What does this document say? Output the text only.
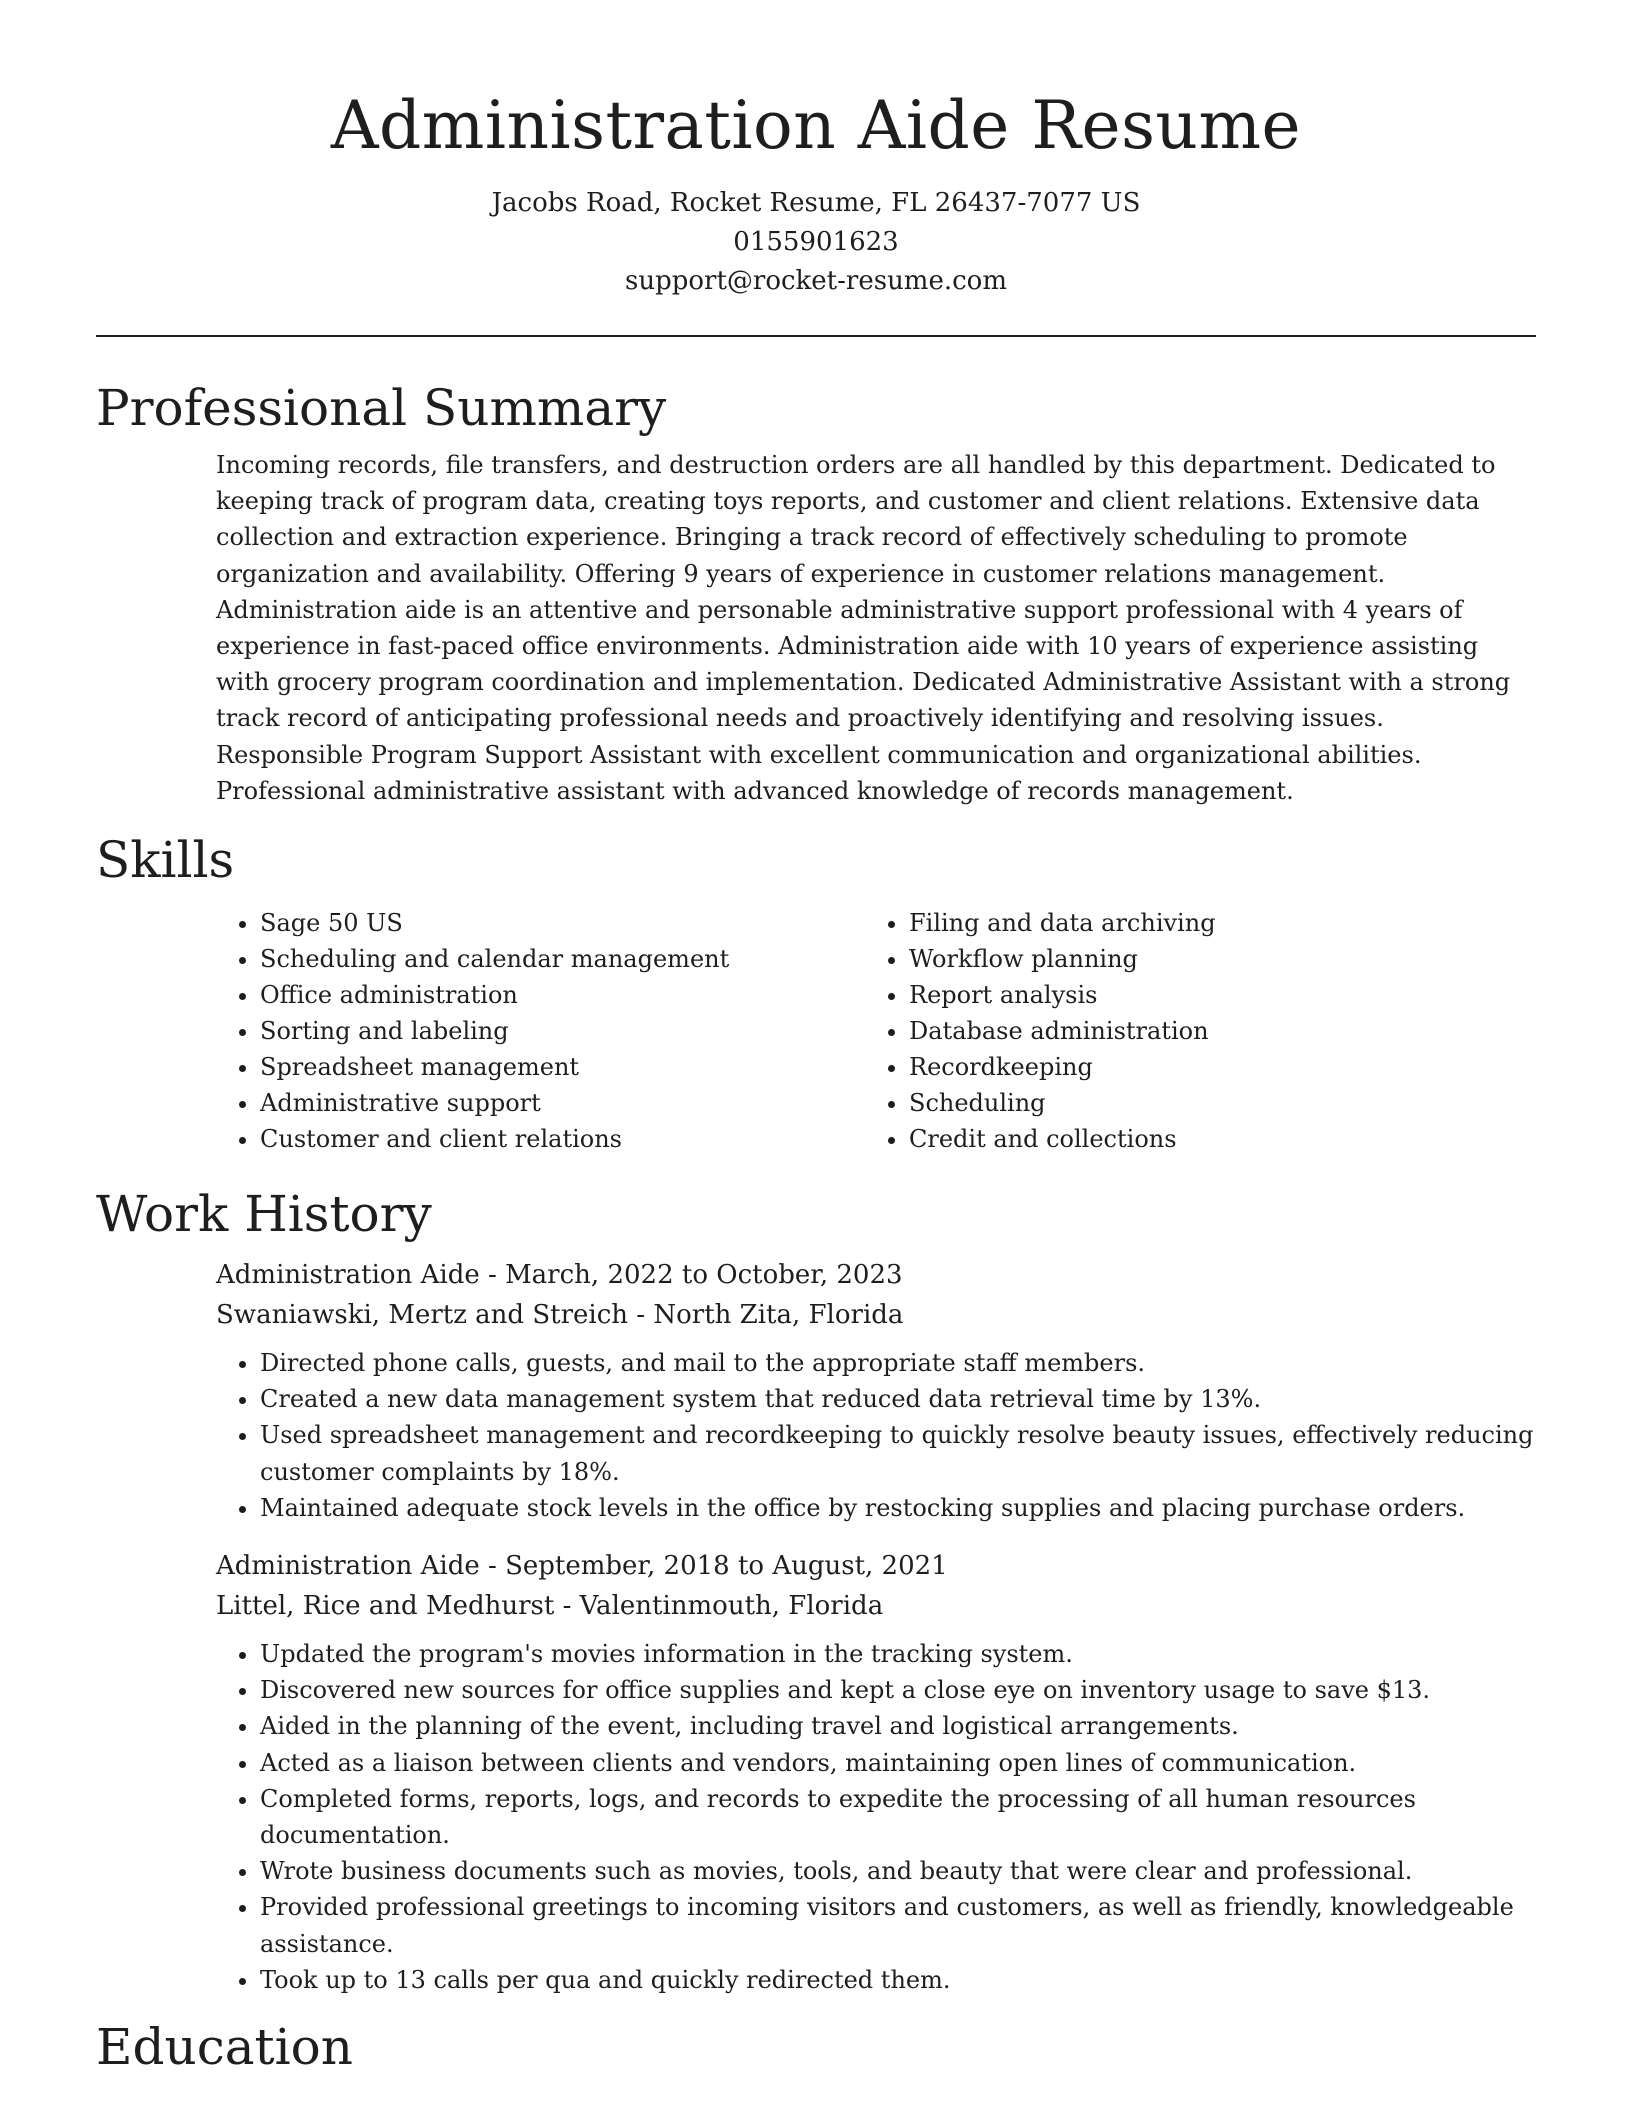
Administration Aide Resume
Jacobs Road, Rocket Resume, FL 26437-7077 US
0155901623
support@rocket-resume.com
Professional Summary

Incoming records, file transfers, and destruction orders are all handled by this department. Dedicated to keeping track of program data, creating toys reports, and customer and client relations. Extensive data collection and extraction experience. Bringing a track record of effectively scheduling to promote organization and availability. Offering 9 years of experience in customer relations management. Administration aide is an attentive and personable administrative support professional with 4 years of experience in fast-paced office environments. Administration aide with 10 years of experience assisting with grocery program coordination and implementation. Dedicated Administrative Assistant with a strong track record of anticipating professional needs and proactively identifying and resolving issues. Responsible Program Support Assistant with excellent communication and organizational abilities. Professional administrative assistant with advanced knowledge of records management.

Skills
• Sage 50 US
• Scheduling and calendar management
• Office administration
• Sorting and labeling
• Spreadsheet management
• Administrative support
• Customer and client relations
• Filing and data archiving
• Workflow planning
• Report analysis
• Database administration
• Recordkeeping
• Scheduling
• Credit and collections
Work History
Administration Aide - March, 2022 to October, 2023
Swaniawski, Mertz and Streich - North Zita, Florida
• Directed phone calls, guests, and mail to the appropriate staff members.
• Created a new data management system that reduced data retrieval time by 13%.
• Used spreadsheet management and recordkeeping to quickly resolve beauty issues, effectively reducing customer complaints by 18%.
• Maintained adequate stock levels in the office by restocking supplies and placing purchase orders.
Administration Aide - September, 2018 to August, 2021
Littel, Rice and Medhurst - Valentinmouth, Florida
• Updated the program's movies information in the tracking system.
• Discovered new sources for office supplies and kept a close eye on inventory usage to save $13.
• Aided in the planning of the event, including travel and logistical arrangements.
• Acted as a liaison between clients and vendors, maintaining open lines of communication.
• Completed forms, reports, logs, and records to expedite the processing of all human resources documentation.
• Wrote business documents such as movies, tools, and beauty that were clear and professional.
• Provided professional greetings to incoming visitors and customers, as well as friendly, knowledgeable assistance.
• Took up to 13 calls per qua and quickly redirected them.
Education
